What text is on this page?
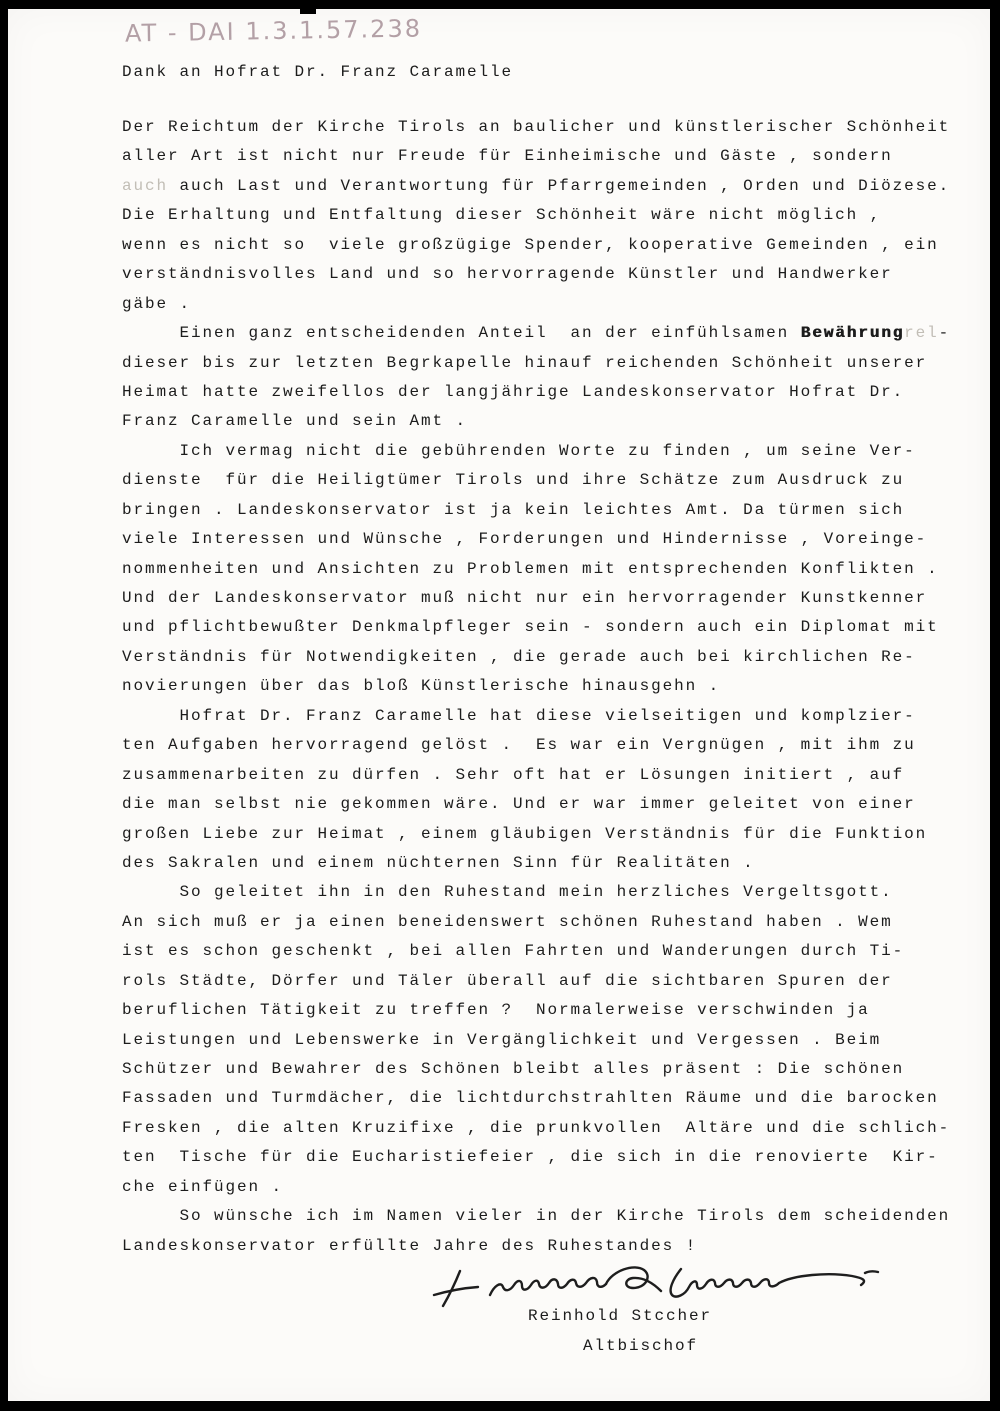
AT - DAI 1.3.1.57.238
Dank an Hofrat Dr. Franz Caramelle
Der Reichtum der Kirche Tirols an baulicher und künstlerischer Schönheit
aller Art ist nicht nur Freude für Einheimische und Gäste , sondern
auch auch Last und Verantwortung für Pfarrgemeinden , Orden und Diözese.
Die Erhaltung und Entfaltung dieser Schönheit wäre nicht möglich ,
wenn es nicht so  viele großzügige Spender, kooperative Gemeinden , ein
verständnisvolles Land und so hervorragende Künstler und Handwerker
gäbe .
Einen ganz entscheidenden Anteil  an der einfühlsamen Bewährungrel-
dieser bis zur letzten Begrkapelle hinauf reichenden Schönheit unserer
Heimat hatte zweifellos der langjährige Landeskonservator Hofrat Dr.
Franz Caramelle und sein Amt .
Ich vermag nicht die gebührenden Worte zu finden , um seine Ver-
dienste  für die Heiligtümer Tirols und ihre Schätze zum Ausdruck zu
bringen . Landeskonservator ist ja kein leichtes Amt. Da türmen sich
viele Interessen und Wünsche , Forderungen und Hindernisse , Voreinge-
nommenheiten und Ansichten zu Problemen mit entsprechenden Konflikten .
Und der Landeskonservator muß nicht nur ein hervorragender Kunstkenner
und pflichtbewußter Denkmalpfleger sein - sondern auch ein Diplomat mit
Verständnis für Notwendigkeiten , die gerade auch bei kirchlichen Re-
novierungen über das bloß Künstlerische hinausgehn .
Hofrat Dr. Franz Caramelle hat diese vielseitigen und komplzier-
ten Aufgaben hervorragend gelöst .  Es war ein Vergnügen , mit ihm zu
zusammenarbeiten zu dürfen . Sehr oft hat er Lösungen initiert , auf
die man selbst nie gekommen wäre. Und er war immer geleitet von einer
großen Liebe zur Heimat , einem gläubigen Verständnis für die Funktion
des Sakralen und einem nüchternen Sinn für Realitäten .
So geleitet ihn in den Ruhestand mein herzliches Vergeltsgott.
An sich muß er ja einen beneidenswert schönen Ruhestand haben . Wem
ist es schon geschenkt , bei allen Fahrten und Wanderungen durch Ti-
rols Städte, Dörfer und Täler überall auf die sichtbaren Spuren der
beruflichen Tätigkeit zu treffen ?  Normalerweise verschwinden ja
Leistungen und Lebenswerke in Vergänglichkeit und Vergessen . Beim
Schützer und Bewahrer des Schönen bleibt alles präsent : Die schönen
Fassaden und Turmdächer, die lichtdurchstrahlten Räume und die barocken
Fresken , die alten Kruzifixe , die prunkvollen  Altäre und die schlich-
ten  Tische für die Eucharistiefeier , die sich in die renovierte  Kir-
che einfügen .
So wünsche ich im Namen vieler in der Kirche Tirols dem scheidenden
Landeskonservator erfüllte Jahre des Ruhestandes !
Reinhold Stccher
Altbischof
